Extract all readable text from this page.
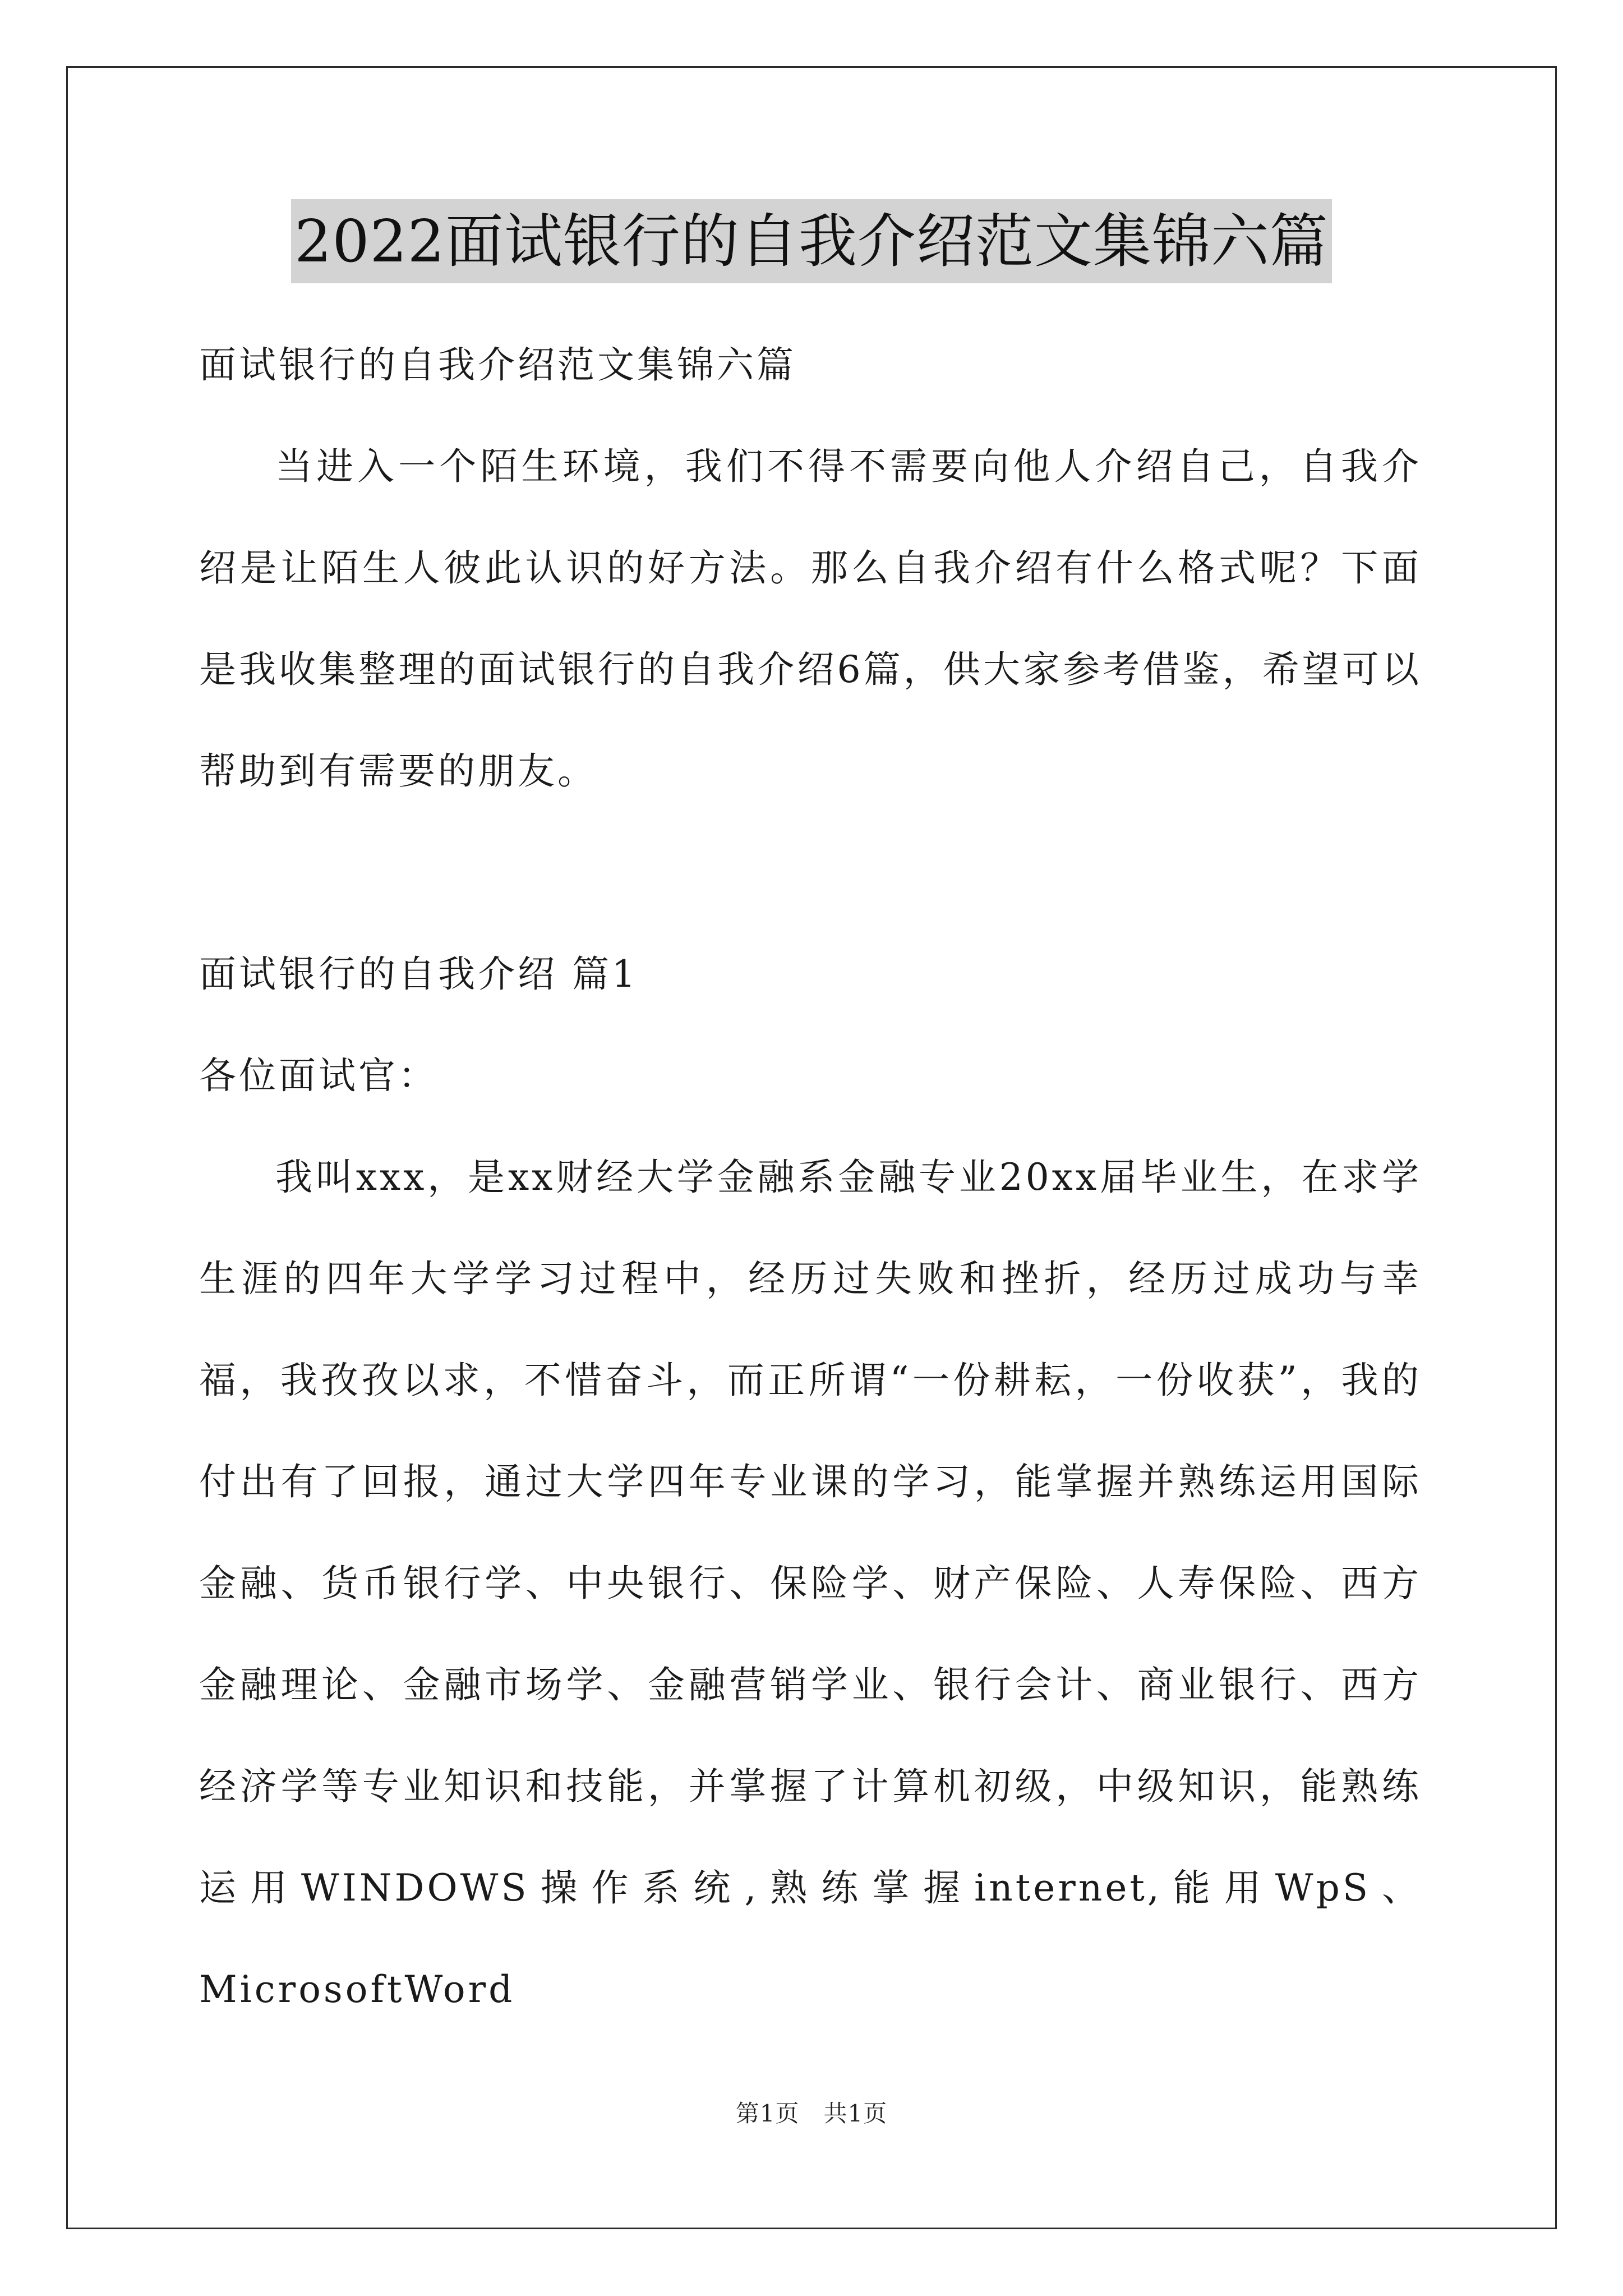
2022面试银行的自我介绍范文集锦六篇

面试银行的自我介绍范文集锦六篇

当进入一个陌生环境，我们不得不需要向他人介绍自己，自我介绍是让陌生人彼此认识的好方法。那么自我介绍有什么格式呢？下面是我收集整理的面试银行的自我介绍6篇，供大家参考借鉴，希望可以帮助到有需要的朋友。

面试银行的自我介绍 篇1

各位面试官：

我叫xxx，是xx财经大学金融系金融专业20xx届毕业生，在求学生涯的四年大学学习过程中，经历过失败和挫折，经历过成功与幸福，我孜孜以求，不惜奋斗，而正所谓“一份耕耘，一份收获”，我的付出有了回报，通过大学四年专业课的学习，能掌握并熟练运用国际金融、货币银行学、中央银行、保险学、财产保险、人寿保险、西方金融理论、金融市场学、金融营销学业、银行会计、商业银行、西方经济学等专业知识和技能，并掌握了计算机初级，中级知识，能熟练运用WINDOWS操作系统,熟练掌握internet,能用WpS、MicrosoftWord

第1页　共1页
